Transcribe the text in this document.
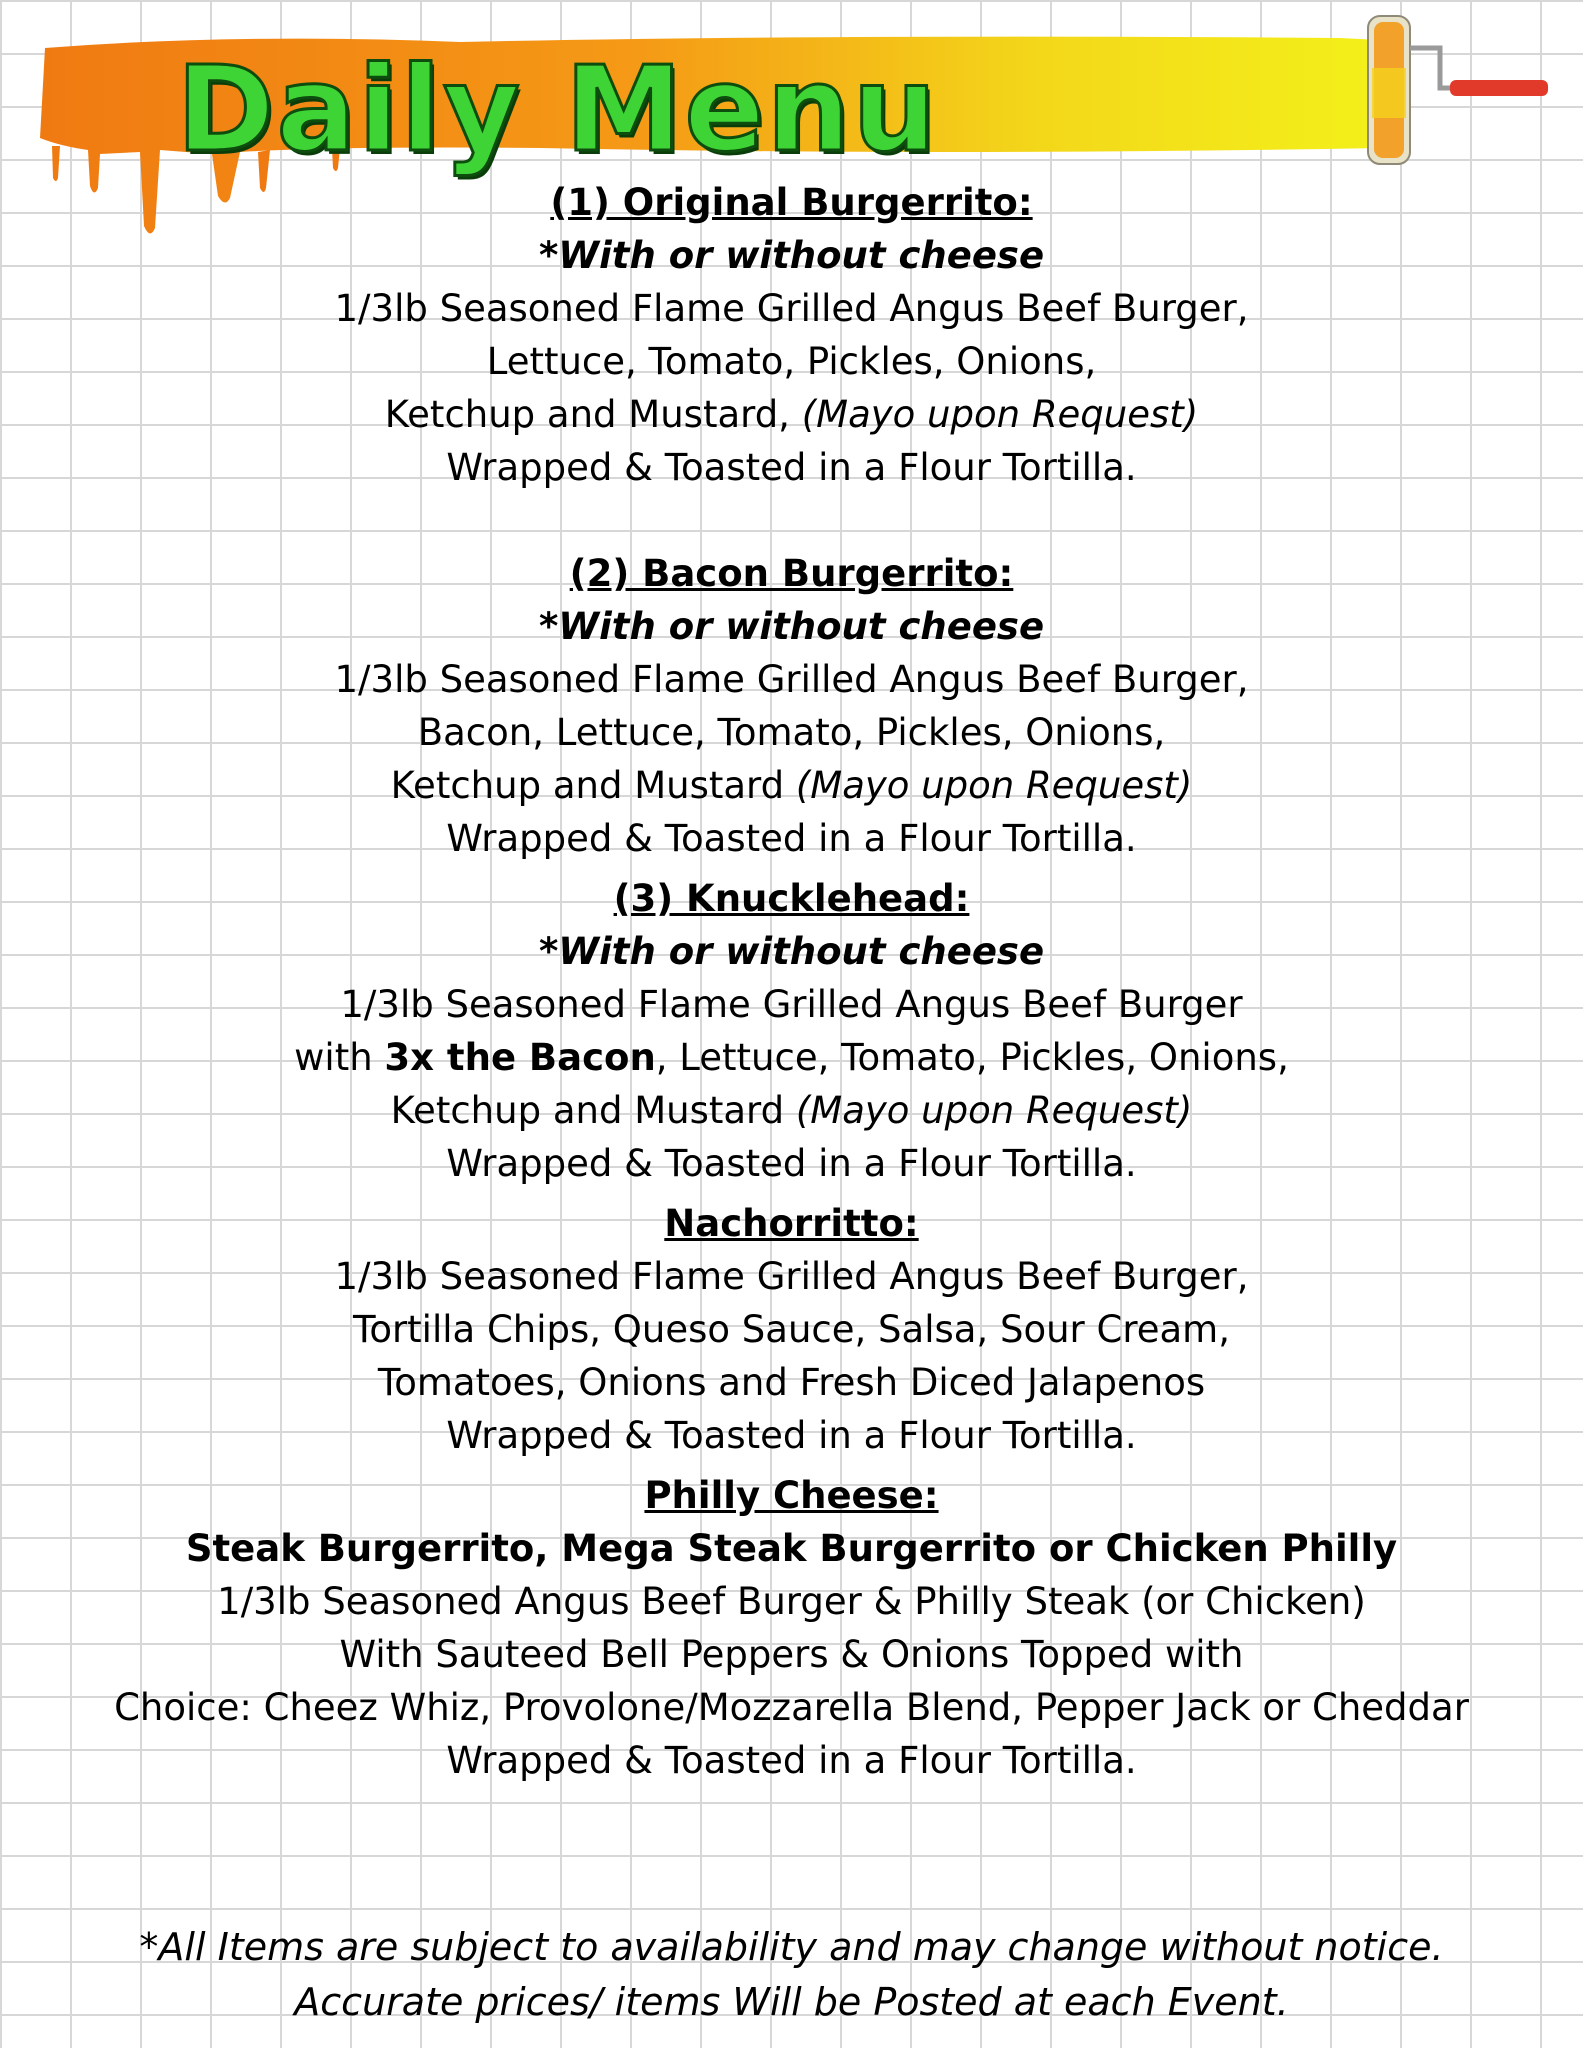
Daily Menu
(1) Original Burgerrito:
*With or without cheese
1/3lb Seasoned Flame Grilled Angus Beef Burger,
Lettuce, Tomato, Pickles, Onions,
Ketchup and Mustard, (Mayo upon Request)
Wrapped & Toasted in a Flour Tortilla.
(2) Bacon Burgerrito:
*With or without cheese
1/3lb Seasoned Flame Grilled Angus Beef Burger,
Bacon, Lettuce, Tomato, Pickles, Onions,
Ketchup and Mustard (Mayo upon Request)
Wrapped & Toasted in a Flour Tortilla.
(3) Knucklehead:
*With or without cheese
1/3lb Seasoned Flame Grilled Angus Beef Burger
with 3x the Bacon, Lettuce, Tomato, Pickles, Onions,
Ketchup and Mustard (Mayo upon Request)
Wrapped & Toasted in a Flour Tortilla.
Nachorritto:
1/3lb Seasoned Flame Grilled Angus Beef Burger,
Tortilla Chips, Queso Sauce, Salsa, Sour Cream,
Tomatoes, Onions and Fresh Diced Jalapenos
Wrapped & Toasted in a Flour Tortilla.
Philly Cheese:
Steak Burgerrito, Mega Steak Burgerrito or Chicken Philly
1/3lb Seasoned Angus Beef Burger & Philly Steak (or Chicken)
With Sauteed Bell Peppers & Onions Topped with
Choice: Cheez Whiz, Provolone/Mozzarella Blend, Pepper Jack or Cheddar
Wrapped & Toasted in a Flour Tortilla.
*All Items are subject to availability and may change without notice.
Accurate prices/ items Will be Posted at each Event.
